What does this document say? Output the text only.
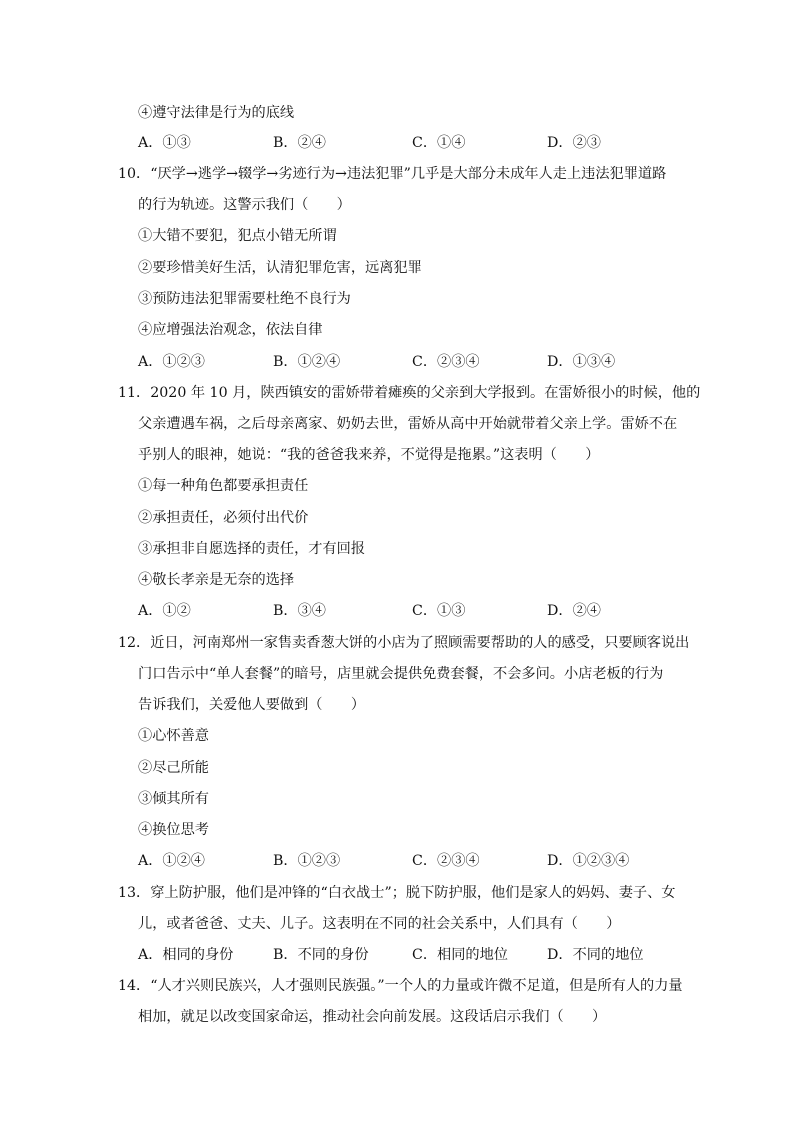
④遵守法律是行为的底线
A．①③	B．②④	C．①④	D．②③
10．“厌学→逃学→辍学→劣迹行为→违法犯罪”几乎是大部分未成年人走上违法犯罪道路
的行为轨迹。这警示我们（　　）
①大错不要犯，犯点小错无所谓
②要珍惜美好生活，认清犯罪危害，远离犯罪
③预防违法犯罪需要杜绝不良行为
④应增强法治观念，依法自律
A．①②③	B．①②④	C．②③④	D．①③④
11．2020 年 10 月，陕西镇安的雷娇带着瘫痪的父亲到大学报到。在雷娇很小的时候，他的
父亲遭遇车祸，之后母亲离家、奶奶去世，雷娇从高中开始就带着父亲上学。雷娇不在
乎别人的眼神，她说：“我的爸爸我来养，不觉得是拖累。”这表明（　　）
①每一种角色都要承担责任
②承担责任，必须付出代价
③承担非自愿选择的责任，才有回报
④敬长孝亲是无奈的选择
A．①②	B．③④	C．①③	D．②④
12．近日，河南郑州一家售卖香葱大饼的小店为了照顾需要帮助的人的感受，只要顾客说出
门口告示中“单人套餐”的暗号，店里就会提供免费套餐，不会多问。小店老板的行为
告诉我们，关爱他人要做到（　　）
①心怀善意
②尽己所能
③倾其所有
④换位思考
A．①②④	B．①②③	C．②③④	D．①②③④
13．穿上防护服，他们是冲锋的“白衣战士”；脱下防护服，他们是家人的妈妈、妻子、女
儿，或者爸爸、丈夫、儿子。这表明在不同的社会关系中，人们具有（　　）
A．相同的身份	B．不同的身份	C．相同的地位	D．不同的地位
14．“人才兴则民族兴，人才强则民族强。”一个人的力量或许微不足道，但是所有人的力量
相加，就足以改变国家命运，推动社会向前发展。这段话启示我们（　　）
